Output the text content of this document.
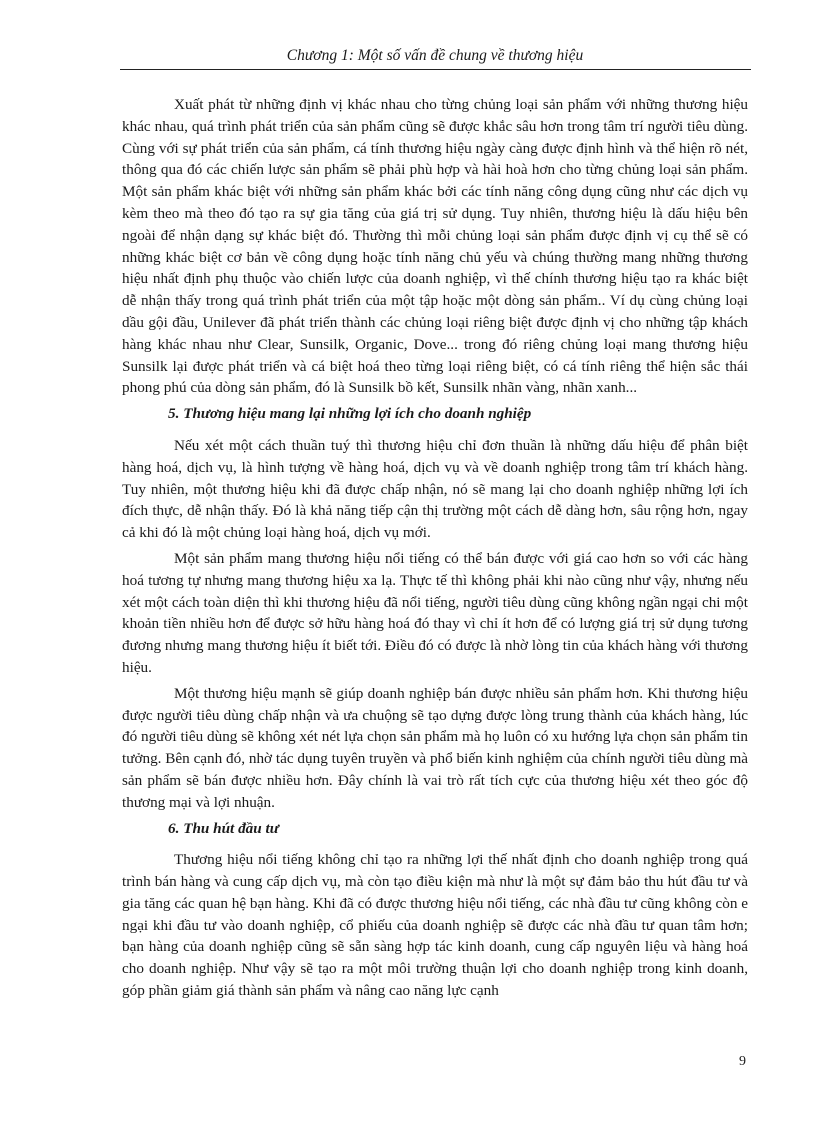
Chương 1: Một số vấn đề chung về thương hiệu

Xuất phát từ những định vị khác nhau cho từng chủng loại sản phẩm với những thương hiệu khác nhau, quá trình phát triển của sản phẩm cũng sẽ được khắc sâu hơn trong tâm trí người tiêu dùng. Cùng với sự phát triển của sản phẩm, cá tính thương hiệu ngày càng được định hình và thể hiện rõ nét, thông qua đó các chiến lược sản phẩm sẽ phải phù hợp và hài hoà hơn cho từng chủng loại sản phẩm. Một sản phẩm khác biệt với những sản phẩm khác bởi các tính năng công dụng cũng như các dịch vụ kèm theo mà theo đó tạo ra sự gia tăng của giá trị sử dụng. Tuy nhiên, thương hiệu là dấu hiệu bên ngoài để nhận dạng sự khác biệt đó. Thường thì mỗi chủng loại sản phẩm được định vị cụ thể sẽ có những khác biệt cơ bản về công dụng hoặc tính năng chủ yếu và chúng thường mang những thương hiệu nhất định phụ thuộc vào chiến lược của doanh nghiệp, vì thế chính thương hiệu tạo ra khác biệt dễ nhận thấy trong quá trình phát triển của một tập hoặc một dòng sản phẩm.. Ví dụ cùng chủng loại dầu gội đầu, Unilever đã phát triển thành các chủng loại riêng biệt được định vị cho những tập khách hàng khác nhau như Clear, Sunsilk, Organic, Dove... trong đó riêng chủng loại mang thương hiệu Sunsilk lại được phát triển và cá biệt hoá theo từng loại riêng biệt, có cá tính riêng thể hiện sắc thái phong phú của dòng sản phẩm, đó là Sunsilk bồ kết, Sunsilk nhãn vàng, nhãn xanh...

5. Thương hiệu mang lại những lợi ích cho doanh nghiệp

Nếu xét một cách thuần tuý thì thương hiệu chỉ đơn thuần là những dấu hiệu để phân biệt hàng hoá, dịch vụ, là hình tượng về hàng hoá, dịch vụ và về doanh nghiệp trong tâm trí khách hàng. Tuy nhiên, một thương hiệu khi đã được chấp nhận, nó sẽ mang lại cho doanh nghiệp những lợi ích đích thực, dễ nhận thấy. Đó là khả năng tiếp cận thị trường một cách dễ dàng hơn, sâu rộng hơn, ngay cả khi đó là một chủng loại hàng hoá, dịch vụ mới.

Một sản phẩm mang thương hiệu nổi tiếng có thể bán được với giá cao hơn so với các hàng hoá tương tự nhưng mang thương hiệu xa lạ. Thực tế thì không phải khi nào cũng như vậy, nhưng nếu xét một cách toàn diện thì khi thương hiệu đã nổi tiếng, người tiêu dùng cũng không ngần ngại chi một khoản tiền nhiều hơn để được sở hữu hàng hoá đó thay vì chỉ ít hơn để có lượng giá trị sử dụng tương đương nhưng mang thương hiệu ít biết tới. Điều đó có được là nhờ lòng tin của khách hàng với thương hiệu.

Một thương hiệu mạnh sẽ giúp doanh nghiệp bán được nhiều sản phẩm hơn. Khi thương hiệu được người tiêu dùng chấp nhận và ưa chuộng sẽ tạo dựng được lòng trung thành của khách hàng, lúc đó người tiêu dùng sẽ không xét nét lựa chọn sản phẩm mà họ luôn có xu hướng lựa chọn sản phẩm tin tưởng. Bên cạnh đó, nhờ tác dụng tuyên truyền và phổ biến kinh nghiệm của chính người tiêu dùng mà sản phẩm sẽ bán được nhiều hơn. Đây chính là vai trò rất tích cực của thương hiệu xét theo góc độ thương mại và lợi nhuận.

6. Thu hút đầu tư

Thương hiệu nổi tiếng không chỉ tạo ra những lợi thế nhất định cho doanh nghiệp trong quá trình bán hàng và cung cấp dịch vụ, mà còn tạo điều kiện mà như là một sự đảm bảo thu hút đầu tư và gia tăng các quan hệ bạn hàng. Khi đã có được thương hiệu nổi tiếng, các nhà đầu tư cũng không còn e ngại khi đầu tư vào doanh nghiệp, cổ phiếu của doanh nghiệp sẽ được các nhà đầu tư quan tâm hơn; bạn hàng của doanh nghiệp cũng sẽ sẵn sàng hợp tác kinh doanh, cung cấp nguyên liệu và hàng hoá cho doanh nghiệp. Như vậy sẽ tạo ra một môi trường thuận lợi cho doanh nghiệp trong kinh doanh, góp phần giảm giá thành sản phẩm và nâng cao năng lực cạnh

9
